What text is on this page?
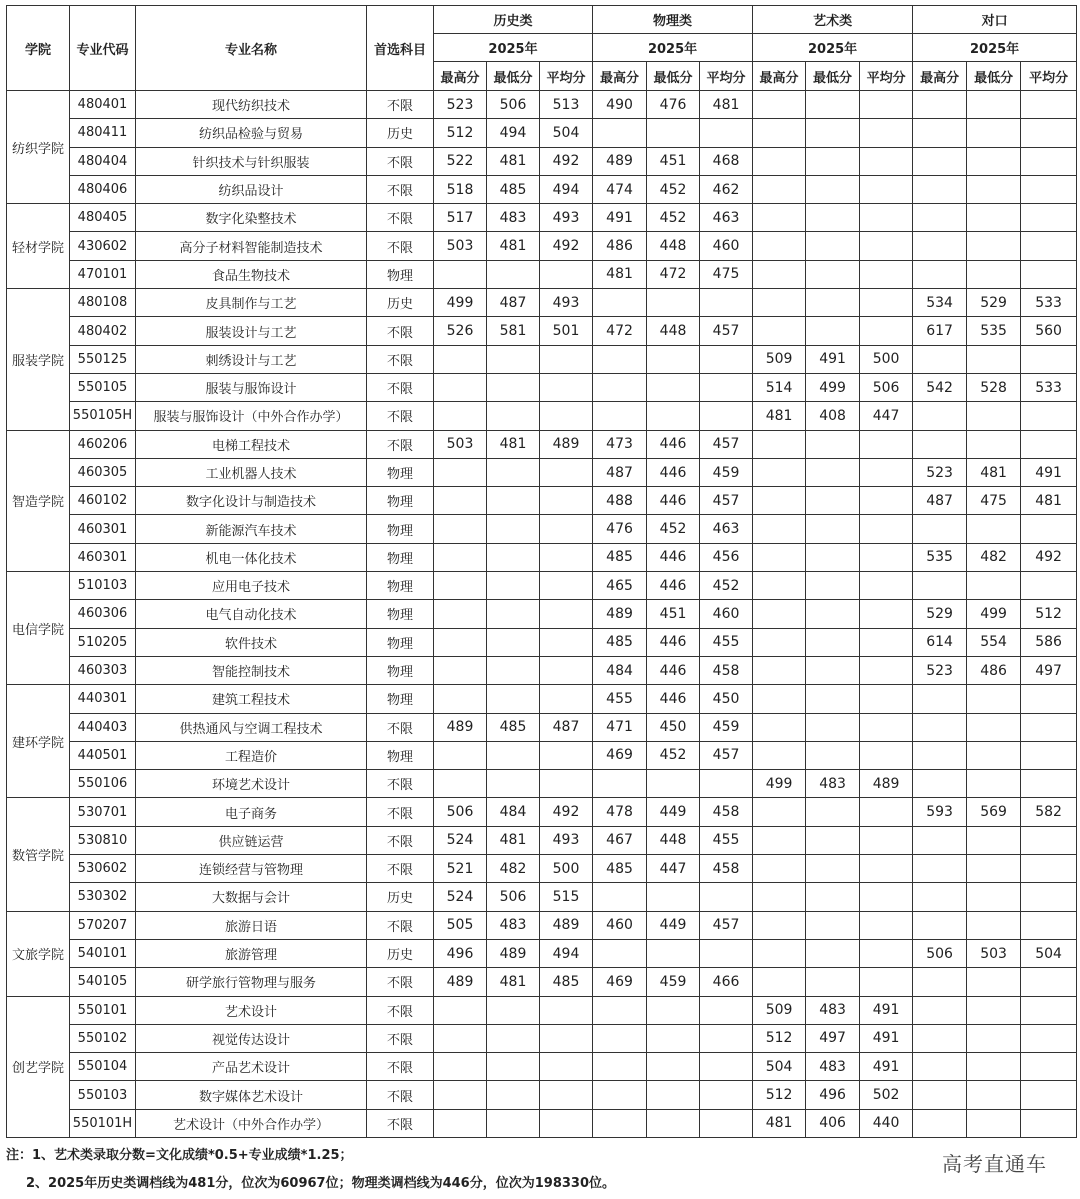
学院	专业代码	专业名称	首选科目	历史类			物理类			艺术类			对口		
				2025年			2025年			2025年			2025年		
				最高分	最低分	平均分	最高分	最低分	平均分	最高分	最低分	平均分	最高分	最低分	平均分
纺织学院	480401	现代纺织技术	不限	523	506	513	490	476	481						
	480411	纺织品检验与贸易	历史	512	494	504									
	480404	针织技术与针织服装	不限	522	481	492	489	451	468						
	480406	纺织品设计	不限	518	485	494	474	452	462						
轻材学院	480405	数字化染整技术	不限	517	483	493	491	452	463						
	430602	高分子材料智能制造技术	不限	503	481	492	486	448	460						
	470101	食品生物技术	物理				481	472	475						
服装学院	480108	皮具制作与工艺	历史	499	487	493							534	529	533
	480402	服装设计与工艺	不限	526	581	501	472	448	457				617	535	560
	550125	刺绣设计与工艺	不限							509	491	500			
	550105	服装与服饰设计	不限							514	499	506	542	528	533
	550105H	服装与服饰设计（中外合作办学）	不限							481	408	447			
智造学院	460206	电梯工程技术	不限	503	481	489	473	446	457						
	460305	工业机器人技术	物理				487	446	459				523	481	491
	460102	数字化设计与制造技术	物理				488	446	457				487	475	481
	460301	新能源汽车技术	物理				476	452	463						
	460301	机电一体化技术	物理				485	446	456				535	482	492
电信学院	510103	应用电子技术	物理				465	446	452						
	460306	电气自动化技术	物理				489	451	460				529	499	512
	510205	软件技术	物理				485	446	455				614	554	586
	460303	智能控制技术	物理				484	446	458				523	486	497
建环学院	440301	建筑工程技术	物理				455	446	450						
	440403	供热通风与空调工程技术	不限	489	485	487	471	450	459						
	440501	工程造价	物理				469	452	457						
	550106	环境艺术设计	不限							499	483	489			
数管学院	530701	电子商务	不限	506	484	492	478	449	458				593	569	582
	530810	供应链运营	不限	524	481	493	467	448	455						
	530602	连锁经营与管物理	不限	521	482	500	485	447	458						
	530302	大数据与会计	历史	524	506	515									
文旅学院	570207	旅游日语	不限	505	483	489	460	449	457						
	540101	旅游管理	历史	496	489	494							506	503	504
	540105	研学旅行管物理与服务	不限	489	481	485	469	459	466						
创艺学院	550101	艺术设计	不限							509	483	491			
	550102	视觉传达设计	不限							512	497	491			
	550104	产品艺术设计	不限							504	483	491			
	550103	数字媒体艺术设计	不限							512	496	502			
	550101H	艺术设计（中外合作办学）	不限							481	406	440			
注：1、艺术类录取分数=文化成绩*0.5+专业成绩*1.25；
2、2025年历史类调档线为481分，位次为60967位；物理类调档线为446分，位次为198330位。
高考直通车
